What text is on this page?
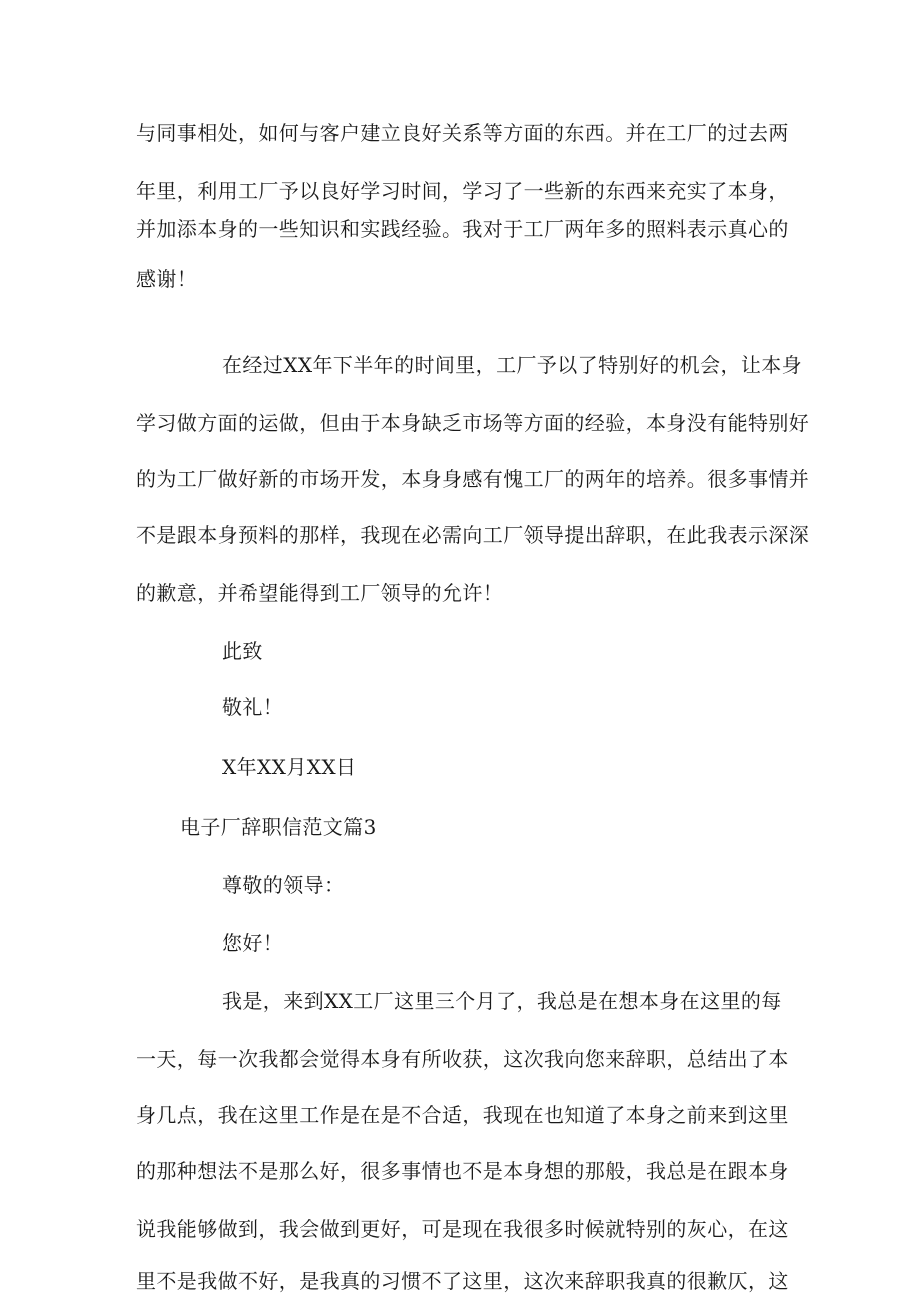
与同事相处，如何与客户建立良好关系等方面的东西。并在工厂的过去两
年里，利用工厂予以良好学习时间，学习了一些新的东西来充实了本身，
并加添本身的一些知识和实践经验。我对于工厂两年多的照料表示真心的
感谢！
在经过XX年下半年的时间里，工厂予以了特别好的机会，让本身
学习做方面的运做，但由于本身缺乏市场等方面的经验，本身没有能特别好
的为工厂做好新的市场开发，本身身感有愧工厂的两年的培养。很多事情并
不是跟本身预料的那样，我现在必需向工厂领导提出辞职，在此我表示深深
的歉意，并希望能得到工厂领导的允许！
此致
敬礼！
X年XX月XX日
电子厂辞职信范文篇3
尊敬的领导：
您好！
我是，来到XX工厂这里三个月了，我总是在想本身在这里的每
一天，每一次我都会觉得本身有所收获，这次我向您来辞职，总结出了本
身几点，我在这里工作是在是不合适，我现在也知道了本身之前来到这里
的那种想法不是那么好，很多事情也不是本身想的那般，我总是在跟本身
说我能够做到，我会做到更好，可是现在我很多时候就特别的灰心，在这
里不是我做不好，是我真的习惯不了这里，这次来辞职我真的很歉仄，这
